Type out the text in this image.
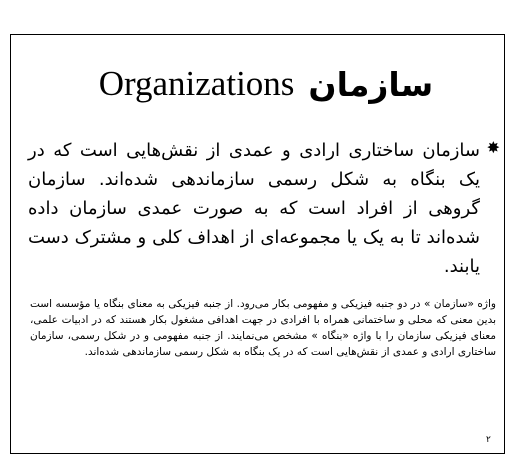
Organizations سازمان
✸
سازمان ساختاری ارادی و عمدی از نقش‌هایی است که در یک بنگاه به شکل رسمی سازماندهی شده‌اند. سازمان گروهی از افراد است که به صورت عمدی سازمان داده شده‌اند تا به یک یا مجموعه‌ای از اهداف کلی و مشترک دست یابند.
واژه «سازمان » در دو جنبه فیزیکی و مفهومی بکار می‌رود. از جنبه فیزیکی به معنای بنگاه یا مؤسسه است بدین معنی که محلی و ساختمانی همراه با افرادی در جهت اهدافی مشغول بکار هستند که در ادبیات علمی، معنای فیزیکی سازمان را با واژه «بنگاه » مشخص می‌نمایند. از جنبه مفهومی و در شکل رسمی، سازمان ساختاری ارادی و عمدی از نقش‌هایی است که در یک بنگاه به شکل رسمی سازماندهی شده‌اند.
۲
